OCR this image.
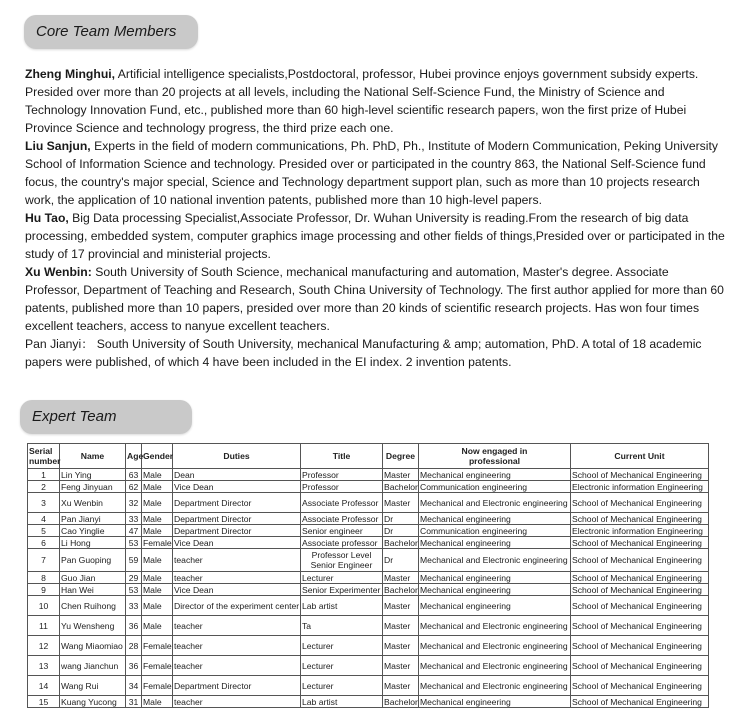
Core Team Members

Zheng Minghui, Artificial intelligence specialists,Postdoctoral, professor, Hubei province enjoys government subsidy experts. Presided over more than 20 projects at all levels, including the National Self-Science Fund, the Ministry of Science and Technology Innovation Fund, etc., published more than 60 high-level scientific research papers, won the first prize of Hubei Province Science and technology progress, the third prize each one.

Liu Sanjun, Experts in the field of modern communications, Ph. PhD, Ph., Institute of Modern Communication, Peking University School of Information Science and technology. Presided over or participated in the country 863, the National Self-Science fund focus, the country's major special, Science and Technology department support plan, such as more than 10 projects research work, the application of 10 national invention patents, published more than 10 high-level papers.

Hu Tao, Big Data processing Specialist,Associate Professor, Dr. Wuhan University is reading.From the research of big data processing, embedded system, computer graphics image processing and other fields of things,Presided over or participated in the study of 17 provincial and ministerial projects.

Xu Wenbin: South University of South Science, mechanical manufacturing and automation, Master's degree. Associate Professor, Department of Teaching and Research, South China University of Technology. The first author applied for more than 60 patents, published more than 10 papers, presided over more than 20 kinds of scientific research projects. Has won four times excellent teachers, access to nanyue excellent teachers.

Pan Jianyi： South University of South University, mechanical Manufacturing & amp; automation, PhD. A total of 18 academic papers were published, of which 4 have been included in the EI index. 2 invention patents.

Expert Team
Serial number	Name	Age	Gender	Duties	Title	Degree	Now engaged in professional	Current Unit
1	Lin Ying	63	Male	Dean	Professor	Master	Mechanical engineering	School of Mechanical Engineering
2	Feng Jinyuan	62	Male	Vice Dean	Professor	Bachelor	Communication engineering	Electronic information Engineering
3	Xu Wenbin	32	Male	Department Director	Associate Professor	Master	Mechanical and Electronic engineering	School of Mechanical Engineering
4	Pan Jianyi	33	Male	Department Director	Associate Professor	Dr	Mechanical engineering	School of Mechanical Engineering
5	Cao Yinglie	47	Male	Department Director	Senior engineer	Dr	Communication engineering	Electronic information Engineering
6	Li Hong	53	Female	Vice Dean	Associate professor	Bachelor	Mechanical engineering	School of Mechanical Engineering
7	Pan Guoping	59	Male	teacher	Professor Level Senior Engineer	Dr	Mechanical and Electronic engineering	School of Mechanical Engineering
8	Guo Jian	29	Male	teacher	Lecturer	Master	Mechanical engineering	School of Mechanical Engineering
9	Han Wei	53	Male	Vice Dean	Senior Experimenter	Bachelor	Mechanical engineering	School of Mechanical Engineering
10	Chen Ruihong	33	Male	Director of the experiment center	Lab artist	Master	Mechanical engineering	School of Mechanical Engineering
11	Yu Wensheng	36	Male	teacher	Ta	Master	Mechanical and Electronic engineering	School of Mechanical Engineering
12	Wang Miaomiao	28	Female	teacher	Lecturer	Master	Mechanical and Electronic engineering	School of Mechanical Engineering
13	wang Jianchun	36	Female	teacher	Lecturer	Master	Mechanical and Electronic engineering	School of Mechanical Engineering
14	Wang Rui	34	Female	Department Director	Lecturer	Master	Mechanical and Electronic engineering	School of Mechanical Engineering
15	Kuang Yucong	31	Male	teacher	Lab artist	Bachelor	Mechanical engineering	School of Mechanical Engineering
